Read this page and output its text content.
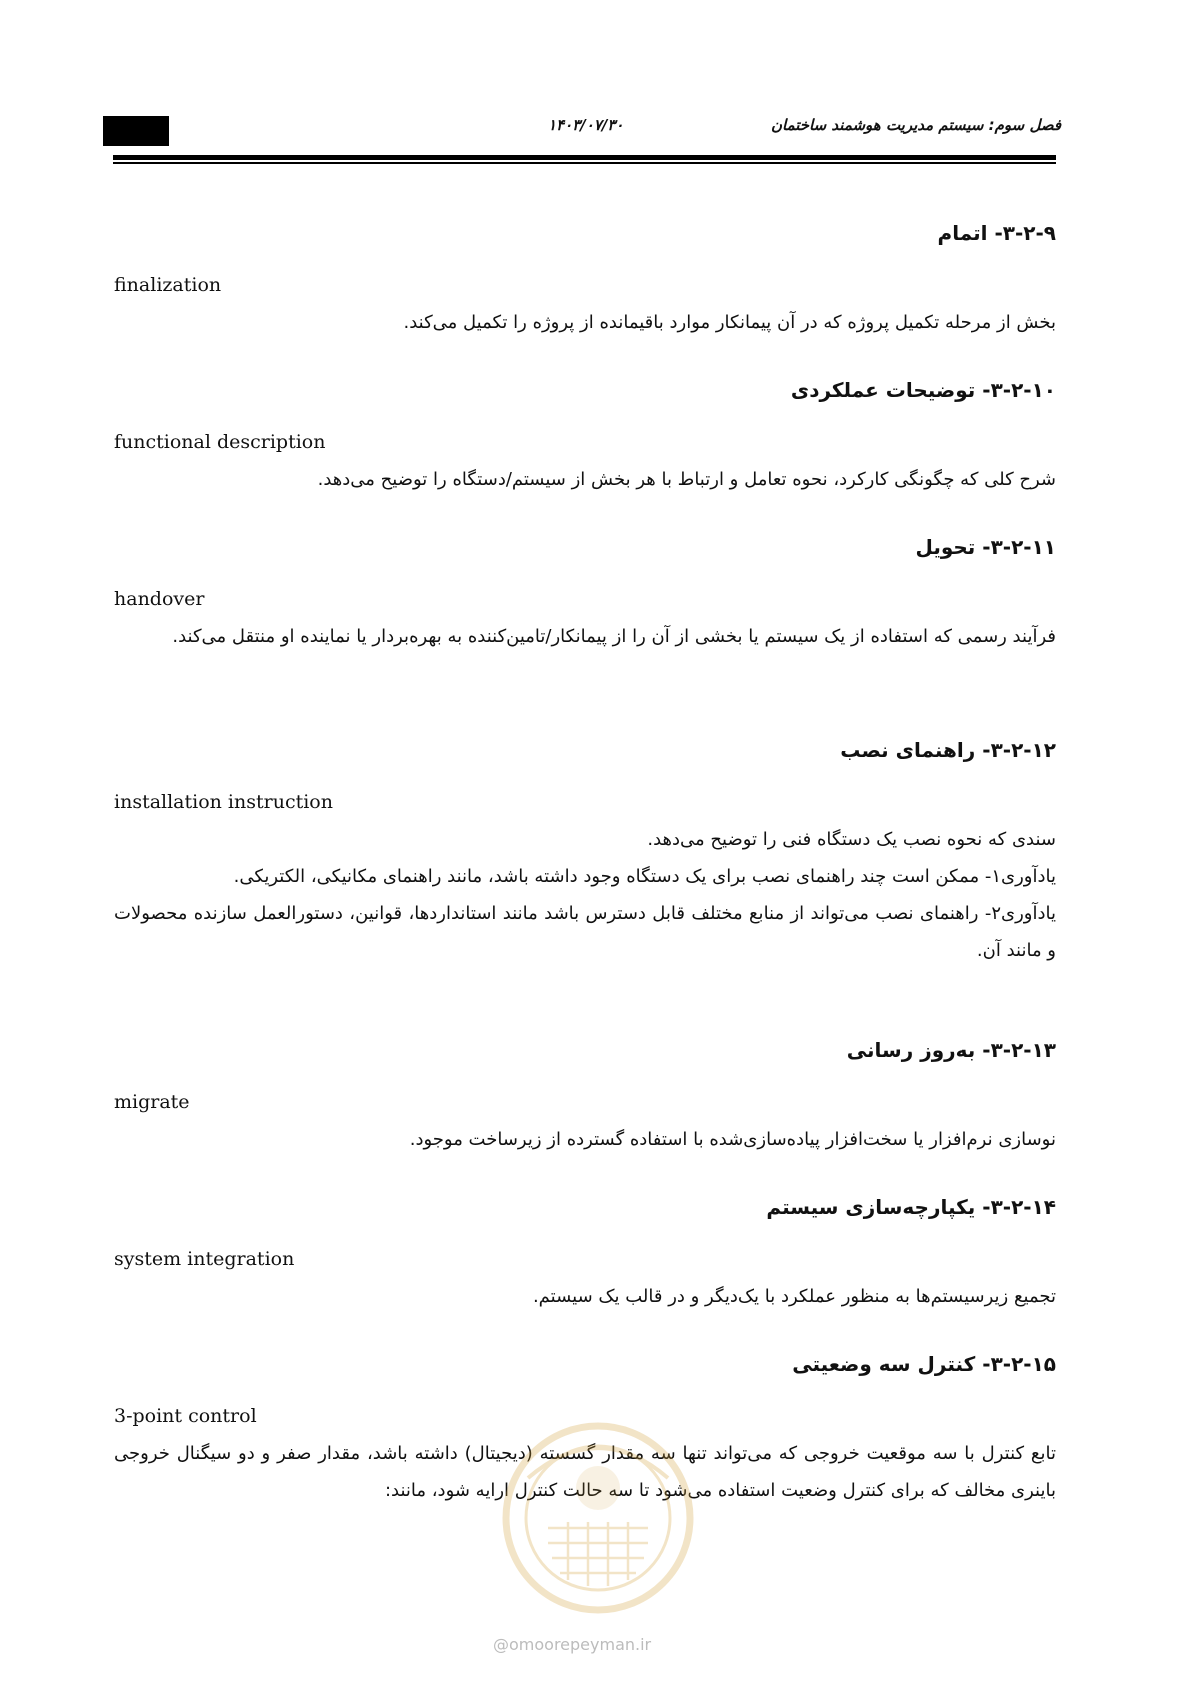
۱۴۰۳/۰۷/۳۰	فصل سوم: سیستم مدیریت هوشمند ساختمان
۳-۲-۹- اتمام
finalization
بخش از مرحله تکمیل پروژه که در آن پیمانکار موارد باقیمانده از پروژه را تکمیل می‌کند.
۳-۲-۱۰- توضیحات عملکردی
functional description
شرح کلی که چگونگی کارکرد، نحوه تعامل و ارتباط با هر بخش از سیستم/دستگاه را توضیح می‌دهد.
۳-۲-۱۱- تحویل
handover
فرآیند رسمی که استفاده از یک سیستم یا بخشی از آن را از پیمانکار/تامین‌کننده به بهره‌بردار یا نماینده او منتقل می‌کند.
۳-۲-۱۲- راهنمای نصب
installation instruction
سندی که نحوه نصب یک دستگاه فنی را توضیح می‌دهد.
یادآوری۱- ممکن است چند راهنمای نصب برای یک دستگاه وجود داشته باشد، مانند راهنمای مکانیکی، الکتریکی.
یادآوری۲- راهنمای نصب می‌تواند از منابع مختلف قابل دسترس باشد مانند استانداردها، قوانین، دستورالعمل سازنده محصولات و مانند آن.
۳-۲-۱۳- به‌روز رسانی
migrate
نوسازی نرم‌افزار یا سخت‌افزار پیاده‌سازی‌شده با استفاده گسترده از زیرساخت موجود.
۳-۲-۱۴- یکپارچه‌سازی سیستم
system integration
تجمیع زیرسیستم‌ها به منظور عملکرد با یک‌دیگر و در قالب یک سیستم.
۳-۲-۱۵- کنترل سه وضعیتی
3-point control
تابع کنترل با سه موقعیت خروجی که می‌تواند تنها سه مقدار گسسته (دیجیتال) داشته باشد، مقدار صفر و دو سیگنال خروجی باینری مخالف که برای کنترل وضعیت استفاده می‌شود تا سه حالت کنترل ارایه شود، مانند:
@omoorepeyman.ir
